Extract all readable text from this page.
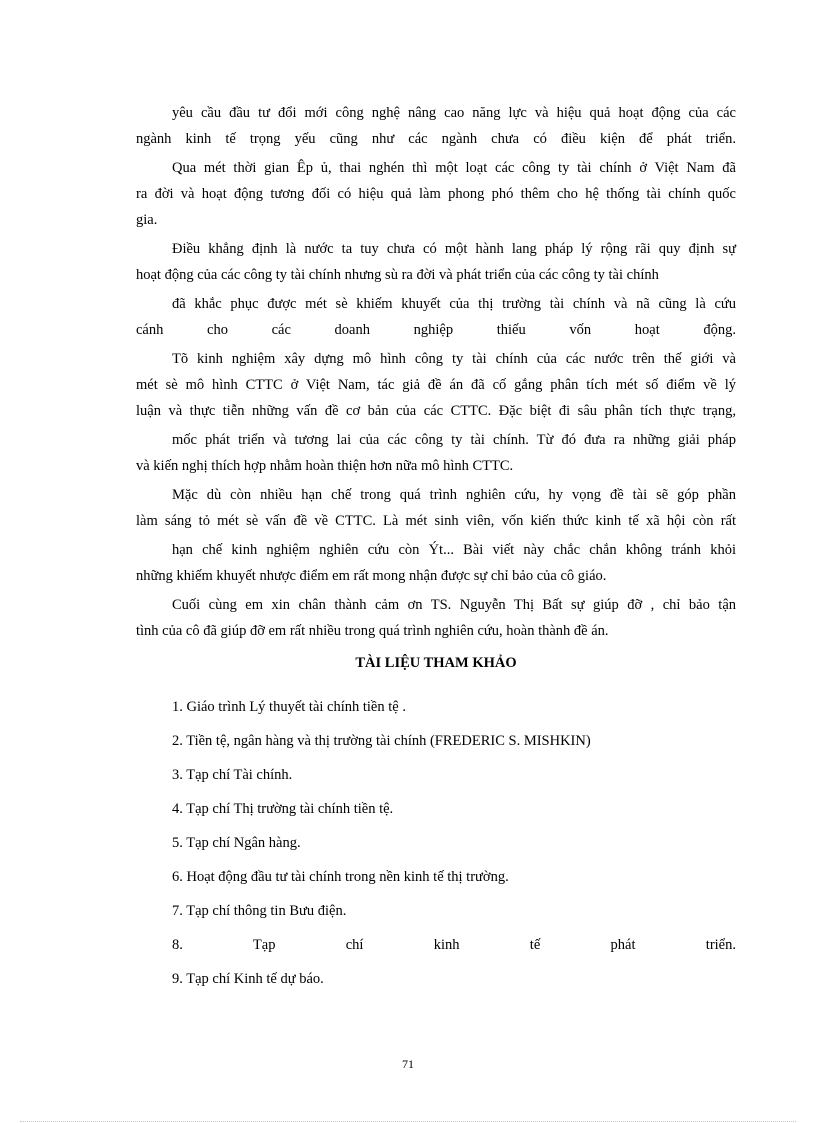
yêu cầu đầu tư đổi mới công nghệ nâng cao năng lực và hiệu quả hoạt động của các
ngành kinh tế trọng yếu cũng như các ngành chưa có điều kiện để phát triển.
Qua mét thời gian Êp ủ, thai nghén thì một loạt các công ty tài chính ở Việt Nam đã
ra đời và hoạt động tương đối có hiệu quả làm phong phó thêm cho hệ thống tài chính quốc
gia.
Điều khẳng định là nước ta tuy chưa có một hành lang pháp lý rộng rãi quy định sự
hoạt động của các công ty tài chính nhưng sù ra đời và phát triển của các công ty tài chính
đã khắc phục được mét sè khiếm khuyết của thị trường tài chính và nã cũng là cứu
cánh cho các doanh nghiệp thiếu vốn hoạt động.
Tõ kinh nghiệm xây dựng mô hình công ty tài chính của các nước trên thế giới và
mét sè mô hình CTTC ở Việt Nam, tác giả đề án đã cố gắng phân tích mét số điểm về lý
luận và thực tiễn những vấn đề cơ bản của các CTTC. Đặc biệt đi sâu phân tích thực trạng,
mốc phát triển và tương lai của các công ty tài chính. Từ đó đưa ra những giải pháp
và kiến nghị thích hợp nhằm hoàn thiện hơn nữa mô hình CTTC.
Mặc dù còn nhiều hạn chế trong quá trình nghiên cứu, hy vọng đề tài sẽ góp phần
làm sáng tỏ mét sè vấn đề về CTTC. Là mét sinh viên, vốn kiến thức kinh tế xã hội còn rất
hạn chế kinh nghiệm nghiên cứu còn Ýt... Bài viết này chắc chắn không tránh khỏi
những khiếm khuyết nhược điểm em rất mong nhận được sự chỉ bảo của cô giáo.
Cuối cùng em xin chân thành cảm ơn TS. Nguyễn Thị Bất sự giúp đỡ , chỉ bảo tận
tình của cô đã giúp đỡ em rất nhiều trong quá trình nghiên cứu, hoàn thành đề án.
TÀI LIỆU THAM KHẢO
1. Giáo trình Lý thuyết tài chính tiền tệ .
2. Tiền tệ, ngân hàng và thị trường tài chính (FREDERIC S. MISHKIN)
3. Tạp chí Tài chính.
4. Tạp chí Thị trường tài chính tiền tệ.
5. Tạp chí Ngân hàng.
6. Hoạt động đầu tư tài chính trong nền kinh tế thị trường.
7. Tạp chí thông tin Bưu điện.
8. Tạp chí kinh tế phát triển.
9. Tạp chí Kinh tế dự báo.
71
